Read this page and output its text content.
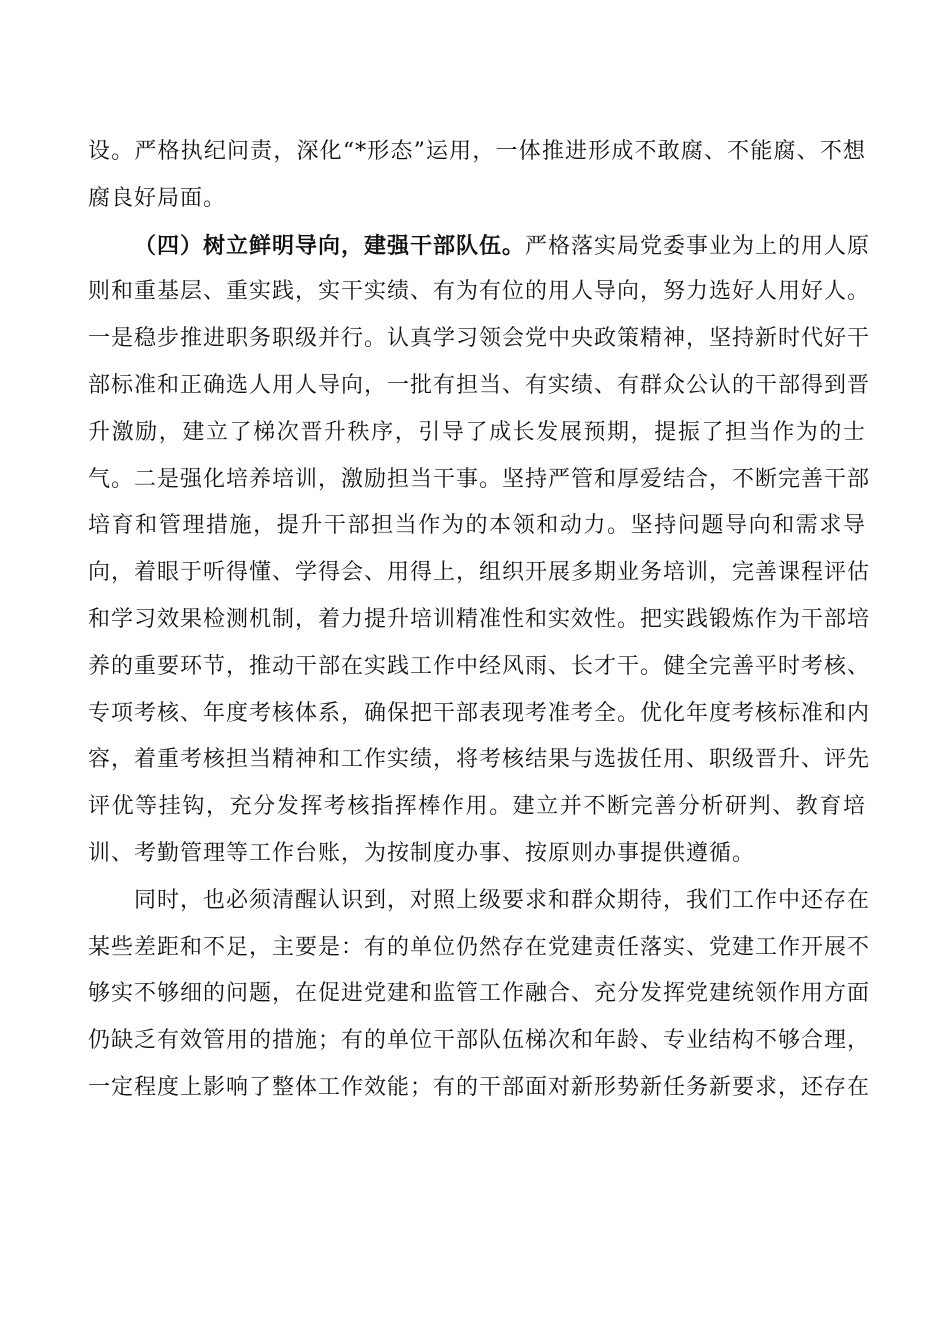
设。严格执纪问责，深化“*形态”运用，一体推进形成不敢腐、不能腐、不想
腐良好局面。
（四）树立鲜明导向，建强干部队伍。严格落实局党委事业为上的用人原
则和重基层、重实践，实干实绩、有为有位的用人导向，努力选好人用好人。
一是稳步推进职务职级并行。认真学习领会党中央政策精神，坚持新时代好干
部标准和正确选人用人导向，一批有担当、有实绩、有群众公认的干部得到晋
升激励，建立了梯次晋升秩序，引导了成长发展预期，提振了担当作为的士
气。二是强化培养培训，激励担当干事。坚持严管和厚爱结合，不断完善干部
培育和管理措施，提升干部担当作为的本领和动力。坚持问题导向和需求导
向，着眼于听得懂、学得会、用得上，组织开展多期业务培训，完善课程评估
和学习效果检测机制，着力提升培训精准性和实效性。把实践锻炼作为干部培
养的重要环节，推动干部在实践工作中经风雨、长才干。健全完善平时考核、
专项考核、年度考核体系，确保把干部表现考准考全。优化年度考核标准和内
容，着重考核担当精神和工作实绩，将考核结果与选拔任用、职级晋升、评先
评优等挂钩，充分发挥考核指挥棒作用。建立并不断完善分析研判、教育培
训、考勤管理等工作台账，为按制度办事、按原则办事提供遵循。
同时，也必须清醒认识到，对照上级要求和群众期待，我们工作中还存在
某些差距和不足，主要是：有的单位仍然存在党建责任落实、党建工作开展不
够实不够细的问题，在促进党建和监管工作融合、充分发挥党建统领作用方面
仍缺乏有效管用的措施；有的单位干部队伍梯次和年龄、专业结构不够合理，
一定程度上影响了整体工作效能；有的干部面对新形势新任务新要求，还存在
